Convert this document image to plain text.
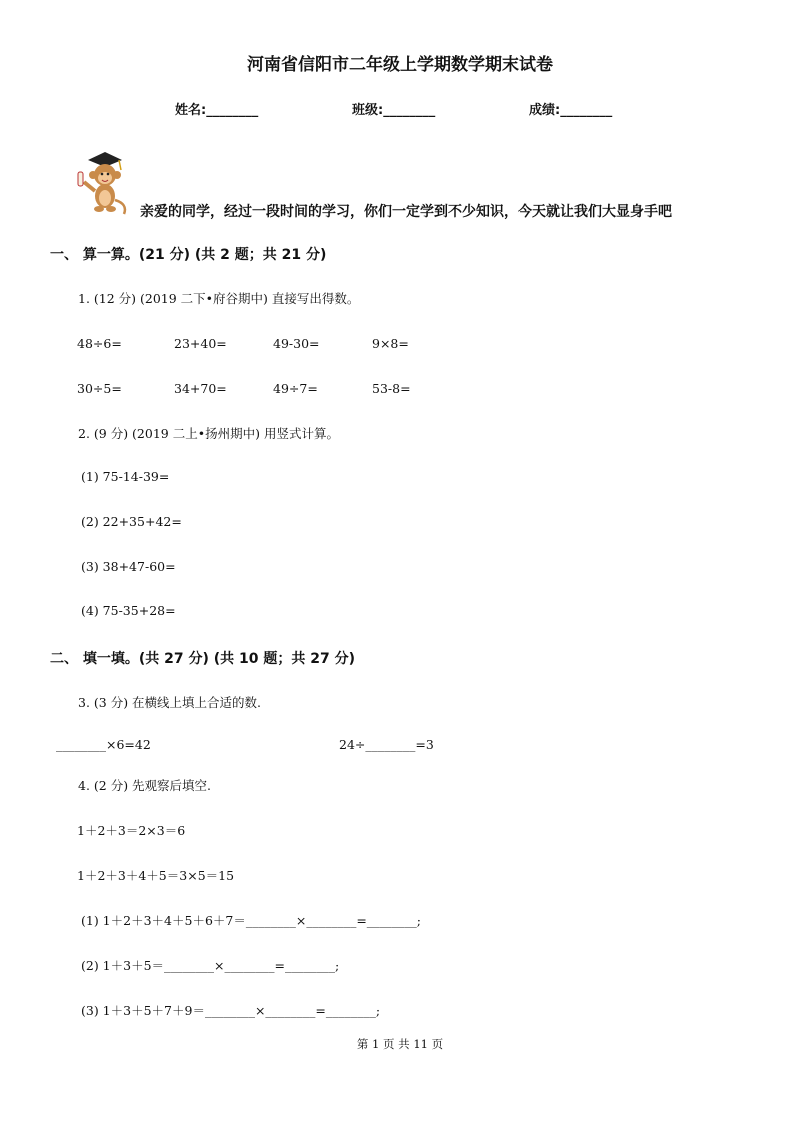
河南省信阳市二年级上学期数学期末试卷
姓名:________	班级:________	成绩:________
亲爱的同学，经过一段时间的学习，你们一定学到不少知识，今天就让我们大显身手吧
一、 算一算。(21 分) (共 2 题；共 21 分)
1. (12 分) (2019 二下•府谷期中) 直接写出得数。
48÷6=	23+40=	49-30=	9×8=
30÷5=	34+70=	49÷7=	53-8=
2. (9 分) (2019 二上•扬州期中) 用竖式计算。
(1) 75-14-39=
(2) 22+35+42=
(3) 38+47-60=
(4) 75-35+28=
二、 填一填。(共 27 分) (共 10 题；共 27 分)
3. (3 分) 在横线上填上合适的数.
________×6=42	24÷________=3
4. (2 分) 先观察后填空.
1＋2＋3＝2×3＝6
1＋2＋3＋4＋5＝3×5＝15
(1) 1＋2＋3＋4＋5＋6＋7＝________×________=________;
(2) 1＋3＋5＝________×________=________;
(3) 1＋3＋5＋7＋9＝________×________=________;
第 1 页 共 11 页
